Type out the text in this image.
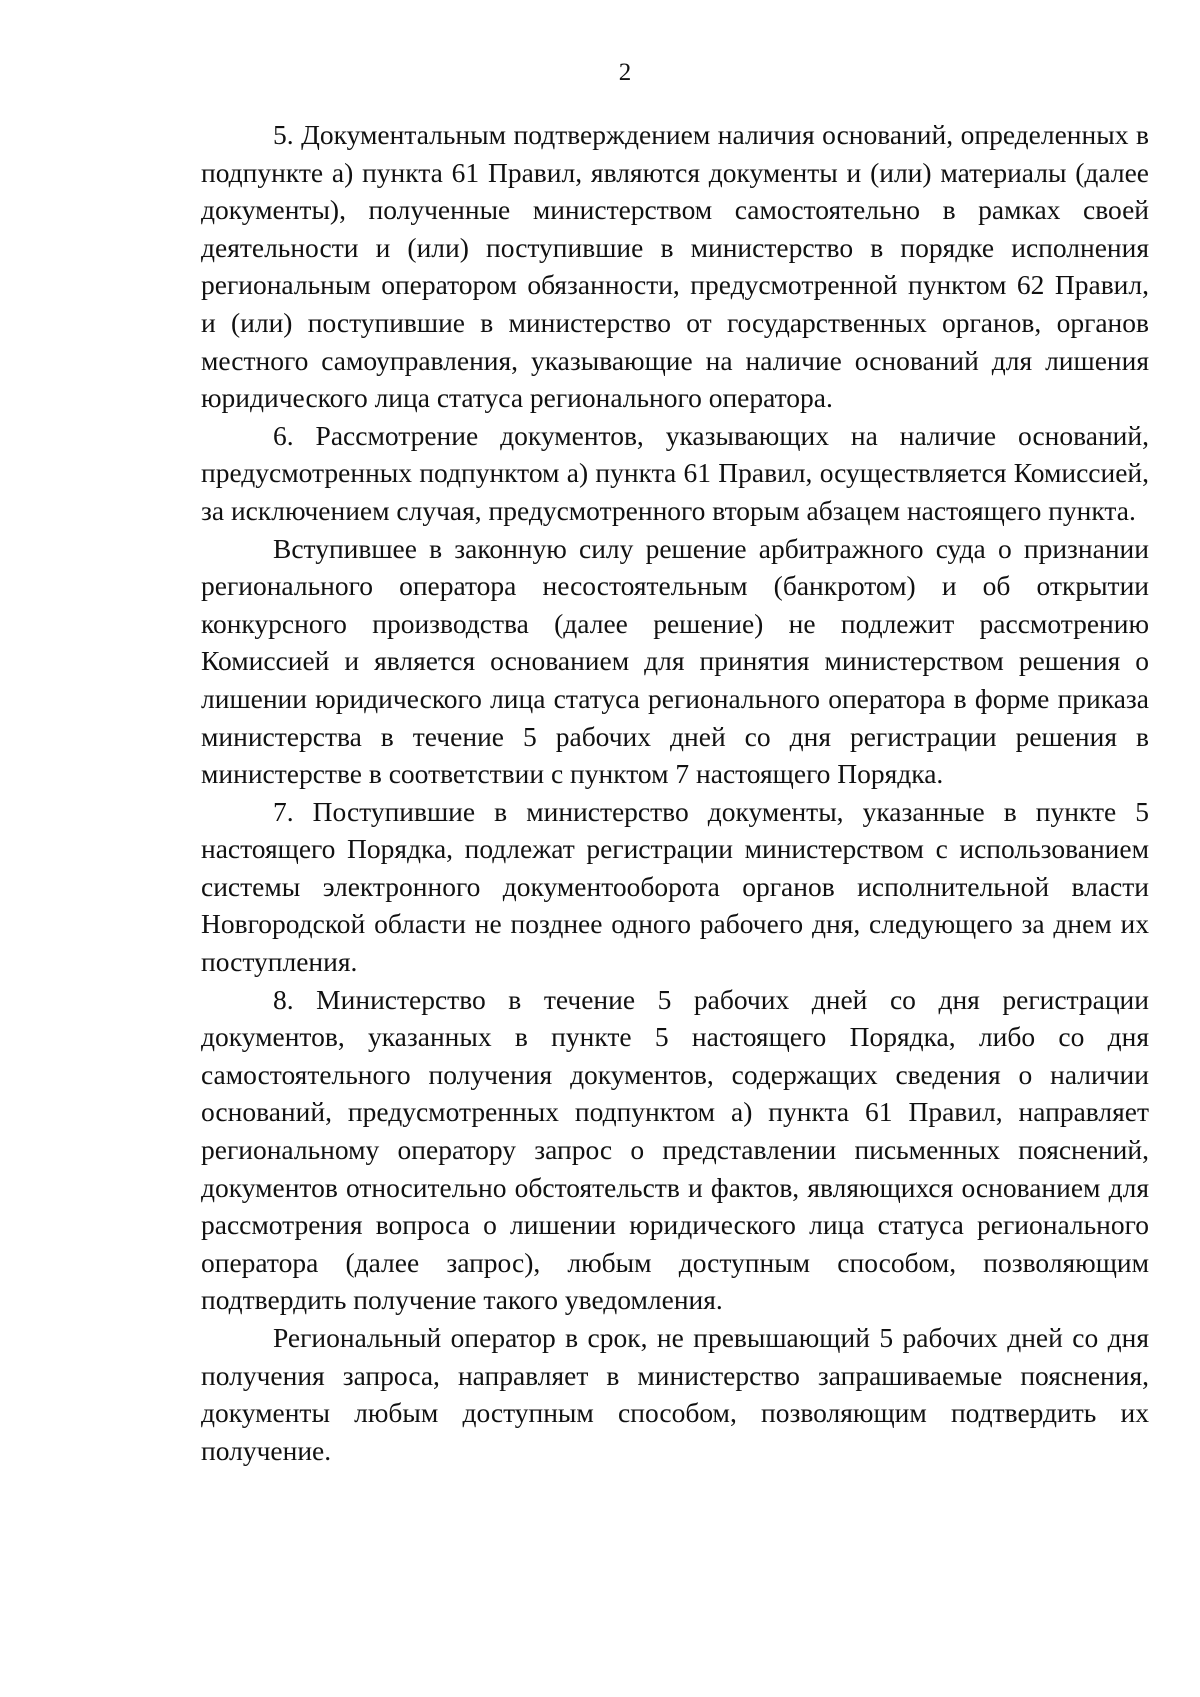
2

5. Документальным подтверждением наличия оснований, определенных в подпункте а) пункта 61 Правил, являются документы и (или) материалы (далее документы), полученные министерством самостоятельно в рамках своей деятельности и (или) поступившие в министерство в порядке исполнения региональным оператором обязанности, предусмотренной пунктом 62 Правил, и (или) поступившие в министерство от государственных органов, органов местного самоуправления, указывающие на наличие оснований для лишения юридического лица статуса регионального оператора.

6. Рассмотрение документов, указывающих на наличие оснований, предусмотренных подпунктом а) пункта 61 Правил, осуществляется Комиссией, за исключением случая, предусмотренного вторым абзацем настоящего пункта.

Вступившее в законную силу решение арбитражного суда о признании регионального оператора несостоятельным (банкротом) и об открытии конкурсного производства (далее решение) не подлежит рассмотрению Комиссией и является основанием для принятия министерством решения о лишении юридического лица статуса регионального оператора в форме приказа министерства в течение 5 рабочих дней со дня регистрации решения в министерстве в соответствии с пунктом 7 настоящего Порядка.

7. Поступившие в министерство документы, указанные в пункте 5 настоящего Порядка, подлежат регистрации министерством с использованием системы электронного документооборота органов исполнительной власти Новгородской области не позднее одного рабочего дня, следующего за днем их поступления.

8. Министерство в течение 5 рабочих дней со дня регистрации документов, указанных в пункте 5 настоящего Порядка, либо со дня самостоятельного получения документов, содержащих сведения о наличии оснований, предусмотренных подпунктом а) пункта 61 Правил, направляет региональному оператору запрос о представлении письменных пояснений, документов относительно обстоятельств и фактов, являющихся основанием для рассмотрения вопроса о лишении юридического лица статуса регионального оператора (далее запрос), любым доступным способом, позволяющим подтвердить получение такого уведомления.

Региональный оператор в срок, не превышающий 5 рабочих дней со дня получения запроса, направляет в министерство запрашиваемые пояснения, документы любым доступным способом, позволяющим подтвердить их получение.
